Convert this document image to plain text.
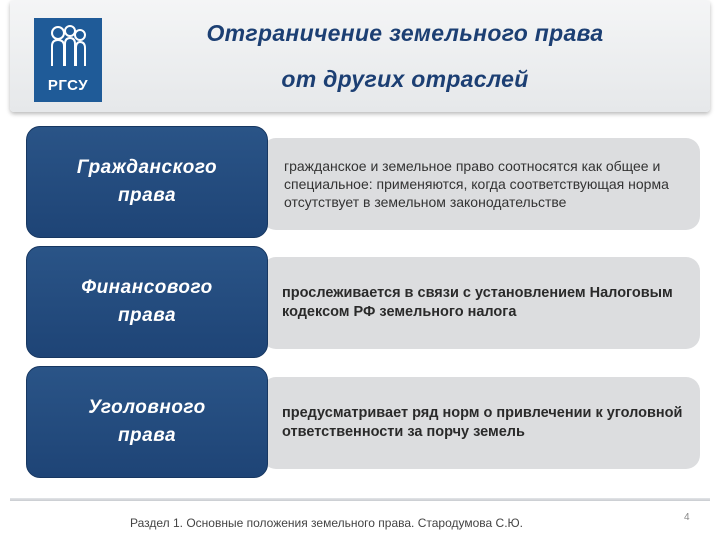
РГСУ
Отграничение земельного права
от других отраслей
гражданское и земельное право соотносятся как общее и специальное: применяются, когда соответствующая норма отсутствует в земельном законодательстве
Гражданского
права
прослеживается в связи с установлением Налоговым кодексом РФ земельного налога
Финансового
права
предусматривает ряд норм о привлечении к уголовной ответственности за порчу земель
Уголовного
права
Раздел 1. Основные положения земельного права. Стародумова С.Ю.	4
